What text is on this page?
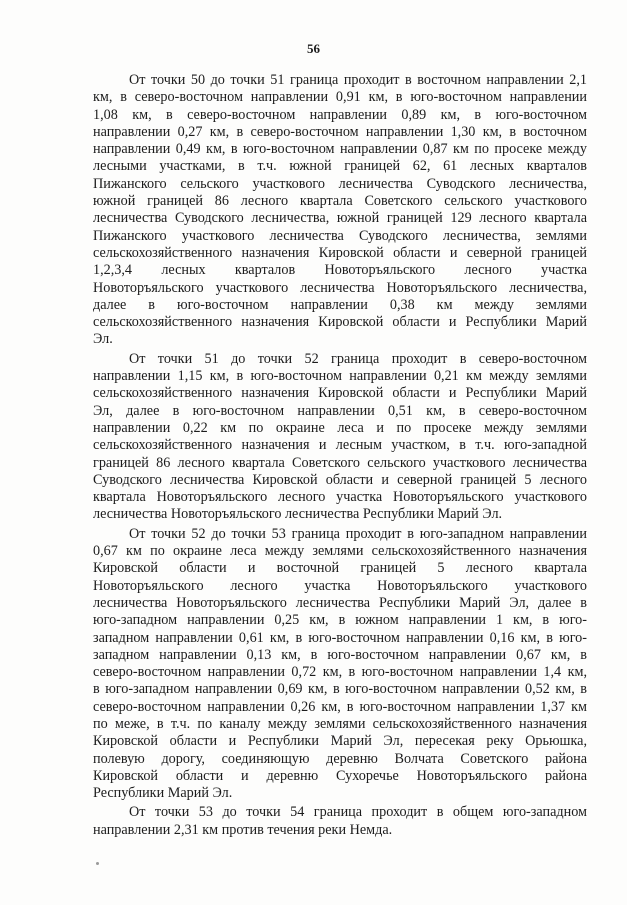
56
От точки 50 до точки 51 граница проходит в восточном направлении 2,1
км, в северо-восточном направлении 0,91 км, в юго-восточном направлении
1,08 км, в северо-восточном направлении 0,89 км, в юго-восточном
направлении 0,27 км, в северо-восточном направлении 1,30 км, в восточном
направлении 0,49 км, в юго-восточном направлении 0,87 км по просеке между
лесными участками, в т.ч. южной границей 62, 61 лесных кварталов
Пижанского сельского участкового лесничества Суводского лесничества,
южной границей 86 лесного квартала Советского сельского участкового
лесничества Суводского лесничества, южной границей 129 лесного квартала
Пижанского участкового лесничества Суводского лесничества, землями
сельскохозяйственного назначения Кировской области и северной границей
1,2,3,4 лесных кварталов Новоторъяльского лесного участка
Новоторъяльского участкового лесничества Новоторъяльского лесничества,
далее в юго-восточном направлении 0,38 км между землями
сельскохозяйственного назначения Кировской области и Республики Марий
Эл.
От точки 51 до точки 52 граница проходит в северо-восточном
направлении 1,15 км, в юго-восточном направлении 0,21 км между землями
сельскохозяйственного назначения Кировской области и Республики Марий
Эл, далее в юго-восточном направлении 0,51 км, в северо-восточном
направлении 0,22 км по окраине леса и по просеке между землями
сельскохозяйственного назначения и лесным участком, в т.ч. юго-западной
границей 86 лесного квартала Советского сельского участкового лесничества
Суводского лесничества Кировской области и северной границей 5 лесного
квартала Новоторъяльского лесного участка Новоторъяльского участкового
лесничества Новоторъяльского лесничества Республики Марий Эл.
От точки 52 до точки 53 граница проходит в юго-западном направлении
0,67 км по окраине леса между землями сельскохозяйственного назначения
Кировской области и восточной границей 5 лесного квартала
Новоторъяльского лесного участка Новоторъяльского участкового
лесничества Новоторъяльского лесничества Республики Марий Эл, далее в
юго-западном направлении 0,25 км, в южном направлении 1 км, в юго-
западном направлении 0,61 км, в юго-восточном направлении 0,16 км, в юго-
западном направлении 0,13 км, в юго-восточном направлении 0,67 км, в
северо-восточном направлении 0,72 км, в юго-восточном направлении 1,4 км,
в юго-западном направлении 0,69 км, в юго-восточном направлении 0,52 км, в
северо-восточном направлении 0,26 км, в юго-восточном направлении 1,37 км
по меже, в т.ч. по каналу между землями сельскохозяйственного назначения
Кировской области и Республики Марий Эл, пересекая реку Орьюшка,
полевую дорогу, соединяющую деревню Волчата Советского района
Кировской области и деревню Сухоречье Новоторъяльского района
Республики Марий Эл.
От точки 53 до точки 54 граница проходит в общем юго-западном
направлении 2,31 км против течения реки Немда.
